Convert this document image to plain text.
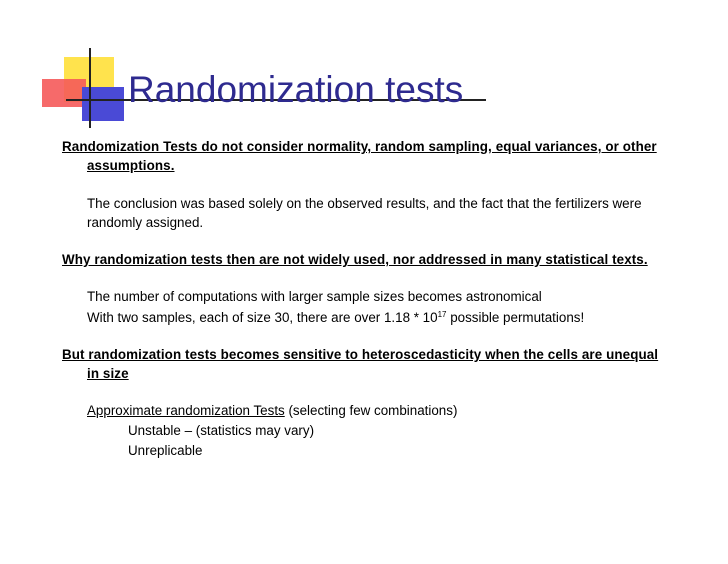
Randomization tests
Randomization Tests do not consider normality, random sampling, equal variances, or other assumptions.
The conclusion was based solely on the observed results, and the fact that the fertilizers were randomly assigned.
Why randomization tests then are not widely used, nor addressed in many statistical texts.
The number of computations with larger sample sizes becomes astronomical
With two samples, each of size 30, there are over $1.18 * 10^{17}$ possible permutations!
But randomization tests becomes sensitive to heteroscedasticity when the cells are unequal in size
Approximate randomization Tests (selecting few combinations)
Unstable – (statistics may vary)
Unreplicable
